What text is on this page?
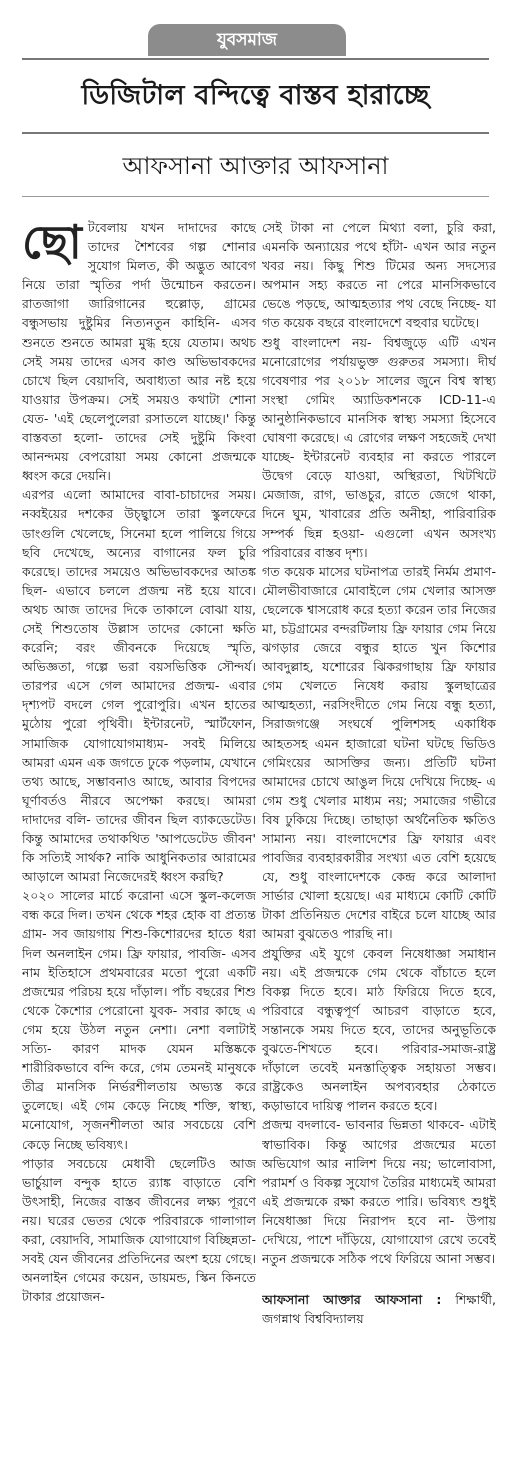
যুবসমাজ
ডিজিটাল বন্দিত্বে বাস্তব হারাচ্ছে
আফসানা আক্তার আফসানা

ছো টবেলায় যখন দাদাদের কাছে তাদের শৈশবের গল্প শোনার সুযোগ মিলত, কী অদ্ভুত আবেগ নিয়ে তারা স্মৃতির পর্দা উন্মোচন করতেন। রাতজাগা জারিগানের হুল্লোড়, গ্রামের বন্ধুসভায় দুষ্টুমির নিত্যনতুন কাহিনি- এসব শুনতে শুনতে আমরা মুগ্ধ হয়ে যেতাম। অথচ সেই সময় তাদের এসব কাণ্ড অভিভাবকদের চোখে ছিল বেয়াদবি, অবাধ্যতা আর নষ্ট হয়ে যাওয়ার উপক্রম। সেই সময়ও কথাটা শোনা যেত- 'এই ছেলেপুলেরা রসাতলে যাচ্ছে।' কিন্তু বাস্তবতা হলো- তাদের সেই দুষ্টুমি কিংবা আনন্দময় বেপরোয়া সময় কোনো প্রজন্মকে ধ্বংস করে দেয়নি।

এরপর এলো আমাদের বাবা-চাচাদের সময়। নব্বইয়ের দশকের উচ্ছ্বাসে তারা স্কুলফেরে ডাংগুলি খেলেছে, সিনেমা হলে পালিয়ে গিয়ে ছবি দেখেছে, অন্যের বাগানের ফল চুরি করেছে। তাদের সময়েও অভিভাবকদের আতঙ্ক ছিল- এভাবে চললে প্রজন্ম নষ্ট হয়ে যাবে। অথচ আজ তাদের দিকে তাকালে বোঝা যায়, সেই শিশুতোষ উল্লাস তাদের কোনো ক্ষতি করেনি; বরং জীবনকে দিয়েছে স্মৃতি, অভিজ্ঞতা, গল্পে ভরা বয়সভিত্তিক সৌন্দর্য। তারপর এসে গেল আমাদের প্রজন্ম- এবার দৃশ্যপট বদলে গেল পুরোপুরি। এখন হাতের মুঠোয় পুরো পৃথিবী। ইন্টারনেট, স্মার্টফোন, সামাজিক যোগাযোগমাধ্যম- সবই মিলিয়ে আমরা এমন এক জগতে ঢুকে পড়লাম, যেখানে তথ্য আছে, সম্ভাবনাও আছে, আবার বিপদের ঘূর্ণাবর্তও নীরবে অপেক্ষা করছে। আমরা দাদাদের বলি- তাদের জীবন ছিল ব্যাকডেটেড। কিন্তু আমাদের তথাকথিত 'আপডেটেড জীবন' কি সত্যিই সার্থক? নাকি আধুনিকতার আরামের আড়ালে আমরা নিজেদেরই ধ্বংস করছি?

২০২০ সালের মার্চে করোনা এসে স্কুল-কলেজ বন্ধ করে দিল। তখন থেকে শহর হোক বা প্রত্যন্ত গ্রাম- সব জায়গায় শিশু-কিশোরদের হাতে ধরা দিল অনলাইন গেম। ফ্রি ফায়ার, পাবজি- এসব নাম ইতিহাসে প্রথমবারের মতো পুরো একটি প্রজন্মের পরিচয় হয়ে দাঁড়াল। পাঁচ বছরের শিশু থেকে কৈশোর পেরোনো যুবক- সবার কাছে এ গেম হয়ে উঠল নতুন নেশা। নেশা বলাটাই সত্যি- কারণ মাদক যেমন মস্তিষ্ককে শারীরিকভাবে বন্দি করে, গেম তেমনই মানুষকে তীব্র মানসিক নির্ভরশীলতায় অভ্যস্ত করে তুলেছে। এই গেম কেড়ে নিচ্ছে শক্তি, স্বাস্থ্য, মনোযোগ, সৃজনশীলতা আর সবচেয়ে বেশি কেড়ে নিচ্ছে ভবিষ্যৎ।

পাড়ার সবচেয়ে মেধাবী ছেলেটিও আজ ভার্চুয়াল বন্দুক হাতে র‍্যাঙ্ক বাড়াতে বেশি উৎসাহী, নিজের বাস্তব জীবনের লক্ষ্য পূরণে নয়। ঘরের ভেতর থেকে পরিবারকে গালাগাল করা, বেয়াদবি, সামাজিক যোগাযোগ বিচ্ছিন্নতা- সবই যেন জীবনের প্রতিদিনের অংশ হয়ে গেছে। অনলাইন গেমের কয়েন, ডায়মন্ড, স্কিন কিনতে টাকার প্রয়োজন-

সেই টাকা না পেলে মিথ্যা বলা, চুরি করা, এমনকি অন্যায়ের পথে হাঁটা- এখন আর নতুন খবর নয়। কিছু শিশু টিমের অন্য সদস্যের অপমান সহ্য করতে না পেরে মানসিকভাবে ভেঙে পড়ছে, আত্মহত্যার পথ বেছে নিচ্ছে- যা গত কয়েক বছরে বাংলাদেশে বহুবার ঘটেছে।

শুধু বাংলাদেশ নয়- বিশ্বজুড়ে এটি এখন মনোরোগের পর্যায়ভুক্ত গুরুতর সমস্যা। দীর্ঘ গবেষণার পর ২০১৮ সালের জুনে বিশ্ব স্বাস্থ্য সংস্থা গেমিং অ্যাডিকশনকে ICD-11-এ আনুষ্ঠানিকভাবে মানসিক স্বাস্থ্য সমস্যা হিসেবে ঘোষণা করেছে। এ রোগের লক্ষণ সহজেই দেখা যাচ্ছে- ইন্টারনেট ব্যবহার না করতে পারলে উদ্বেগ বেড়ে যাওয়া, অস্থিরতা, খিটখিটে মেজাজ, রাগ, ভাঙচুর, রাতে জেগে থাকা, দিনে ঘুম, খাবারের প্রতি অনীহা, পারিবারিক সম্পর্ক ছিন্ন হওয়া- এগুলো এখন অসংখ্য পরিবারের বাস্তব দৃশ্য।

গত কয়েক মাসের ঘটনাপত্র তারই নির্মম প্রমাণ- মৌলভীবাজারে মোবাইলে গেম খেলার আসক্ত ছেলেকে শ্বাসরোধ করে হত্যা করেন তার নিজের মা, চট্টগ্রামের বন্দরটিলায় ফ্রি ফায়ার গেম নিয়ে ঝগড়ার জেরে বন্ধুর হাতে খুন কিশোর আবদুল্লাহ, যশোরের ঝিকরগাছায় ফ্রি ফায়ার গেম খেলতে নিষেধ করায় স্কুলছাত্রের আত্মহত্যা, নরসিংদীতে গেম নিয়ে বন্ধু হত্যা, সিরাজগঞ্জে সংঘর্ষে পুলিশসহ একাধিক আহতসহ এমন হাজারো ঘটনা ঘটছে ভিডিও গেমিংয়ের আসক্তির জন্য। প্রতিটি ঘটনা আমাদের চোখে আঙুল দিয়ে দেখিয়ে দিচ্ছে- এ গেম শুধু খেলার মাধ্যম নয়; সমাজের গভীরে বিষ ঢুকিয়ে দিচ্ছে। তাছাড়া অর্থনৈতিক ক্ষতিও সামান্য নয়। বাংলাদেশের ফ্রি ফায়ার এবং পাবজির ব্যবহারকারীর সংখ্যা এত বেশি হয়েছে যে, শুধু বাংলাদেশকে কেন্দ্র করে আলাদা সার্ভার খোলা হয়েছে। এর মাধ্যমে কোটি কোটি টাকা প্রতিনিয়ত দেশের বাইরে চলে যাচ্ছে আর আমরা বুঝতেও পারছি না।

প্রযুক্তির এই যুগে কেবল নিষেধাজ্ঞা সমাধান নয়। এই প্রজন্মকে গেম থেকে বাঁচাতে হলে বিকল্প দিতে হবে। মাঠ ফিরিয়ে দিতে হবে, পরিবারে বন্ধুত্বপূর্ণ আচরণ বাড়াতে হবে, সন্তানকে সময় দিতে হবে, তাদের অনুভূতিকে বুঝতে-শিখতে হবে। পরিবার-সমাজ-রাষ্ট্র দাঁড়ালে তবেই মনস্তাত্ত্বিক সহায়তা সম্ভব। রাষ্ট্রকেও অনলাইন অপব্যবহার ঠেকাতে কড়াভাবে দায়িত্ব পালন করতে হবে।

প্রজন্ম বদলাবে- ভাবনার ভিন্নতা থাকবে- এটাই স্বাভাবিক। কিন্তু আগের প্রজন্মের মতো অভিযোগ আর নালিশ দিয়ে নয়; ভালোবাসা, পরামর্শ ও বিকল্প সুযোগ তৈরির মাধ্যমেই আমরা এই প্রজন্মকে রক্ষা করতে পারি। ভবিষ্যৎ শুধুই নিষেধাজ্ঞা দিয়ে নিরাপদ হবে না- উপায় দেখিয়ে, পাশে দাঁড়িয়ে, যোগাযোগ রেখে তবেই নতুন প্রজন্মকে সঠিক পথে ফিরিয়ে আনা সম্ভব।

আফসানা আক্তার আফসানা : শিক্ষার্থী, জগন্নাথ বিশ্ববিদ্যালয়
